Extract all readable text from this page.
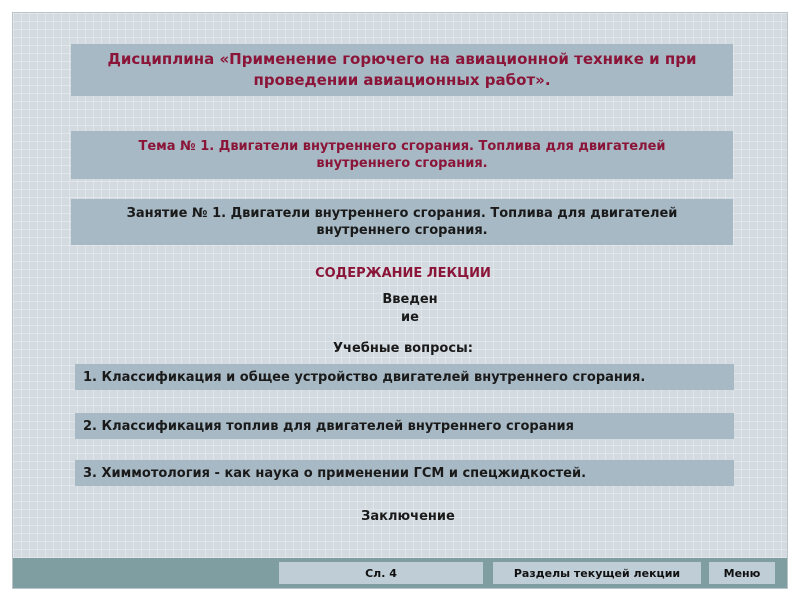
Дисциплина «Применение горючего на авиационной технике и при проведении авиационных работ».
Тема № 1. Двигатели внутреннего сгорания. Топлива для двигателей внутреннего сгорания.
Занятие № 1. Двигатели внутреннего сгорания. Топлива для двигателей внутреннего сгорания.
СОДЕРЖАНИЕ ЛЕКЦИИ
Введен
ие
Учебные вопросы:
1. Классификация и общее устройство двигателей внутреннего сгорания.
2. Классификация топлив для двигателей внутреннего сгорания
3. Химмотология - как наука о применении ГСМ и спецжидкостей.
Заключение
Сл. 4	Разделы текущей лекции	Меню
